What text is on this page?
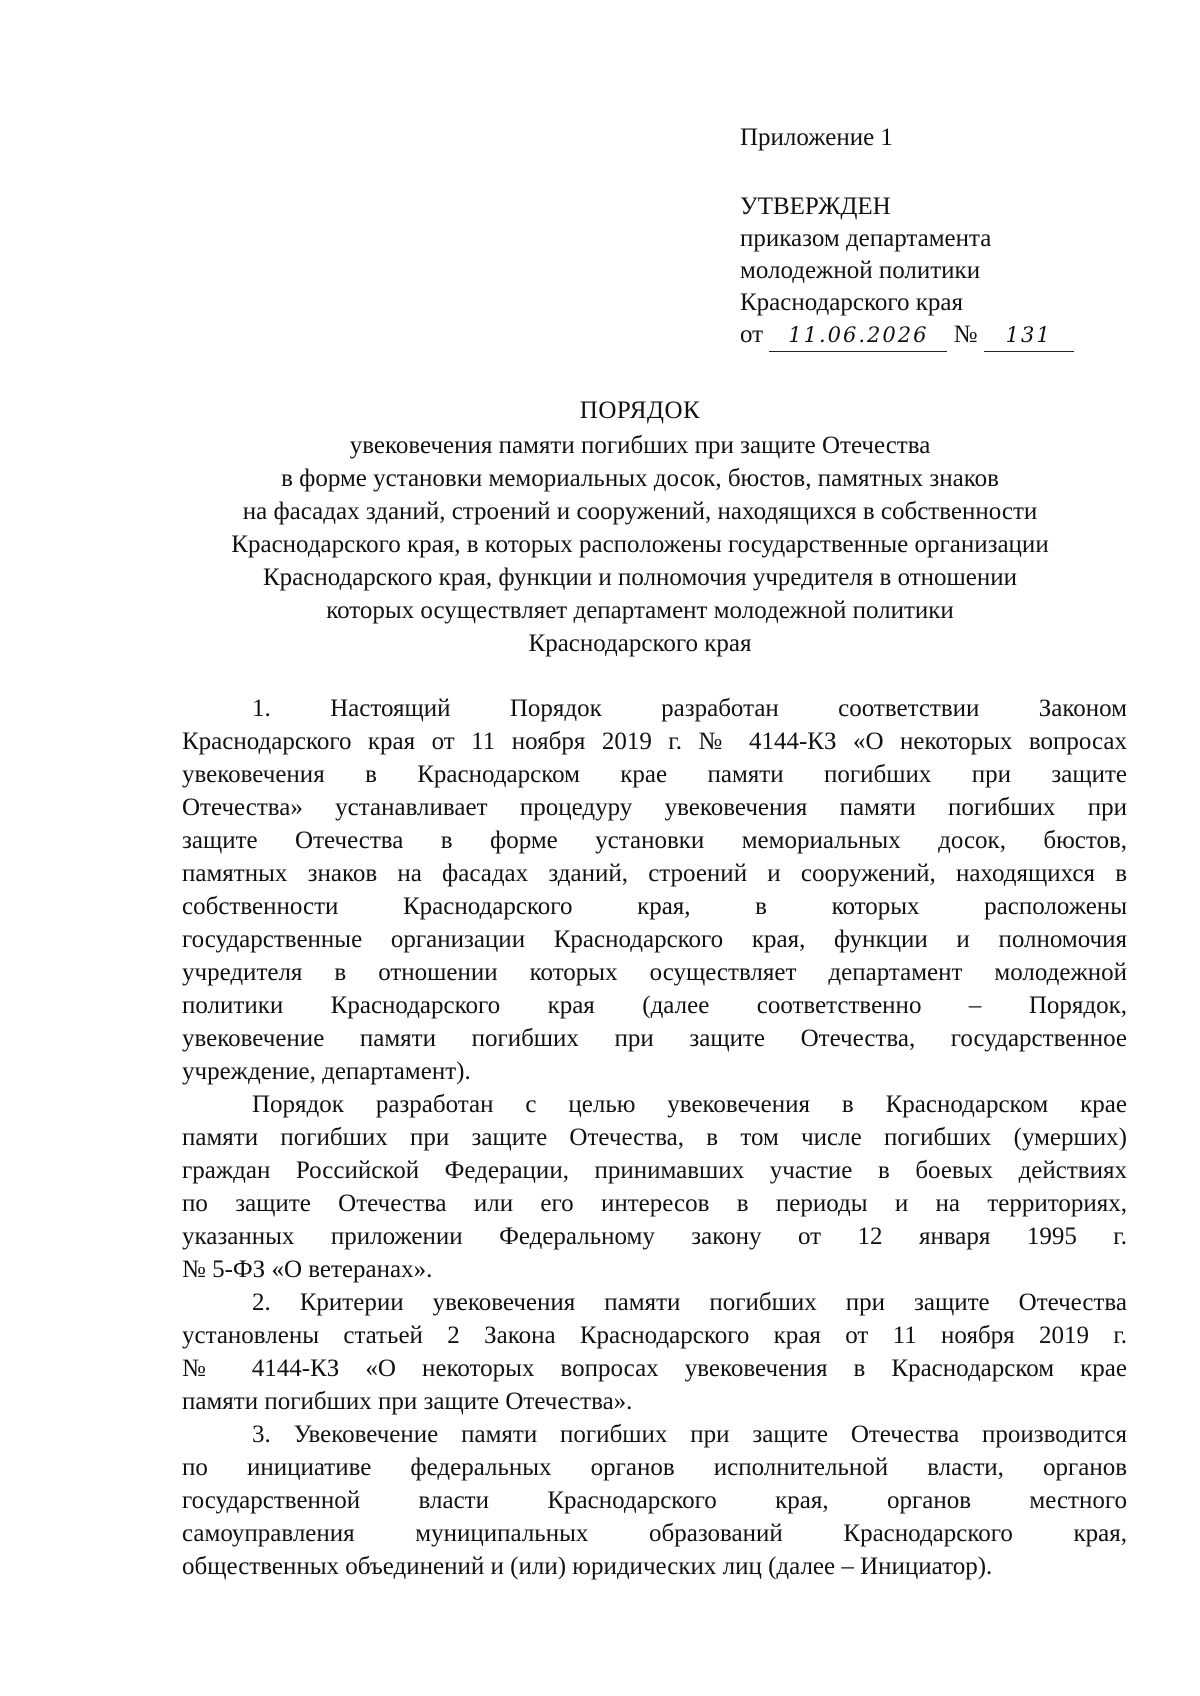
Приложение 1

УТВЕРЖДЕН

приказом департамента

молодежной политики

Краснодарского края

от 11.06.2026 № 131

ПОРЯДОК

увековечения памяти погибших при защите Отечества

в форме установки мемориальных досок, бюстов, памятных знаков

на фасадах зданий, строений и сооружений, находящихся в собственности

Краснодарского края, в которых расположены государственные организации

Краснодарского края, функции и полномочия учредителя в отношении

которых осуществляет департамент молодежной политики

Краснодарского края

1. Настоящий Порядок разработан соответствии Законом
Краснодарского края от 11 ноября 2019 г. № 4144-КЗ «О некоторых вопросах
увековечения в Краснодарском крае памяти погибших при защите
Отечества» устанавливает процедуру увековечения памяти погибших при
защите Отечества в форме установки мемориальных досок, бюстов,
памятных знаков на фасадах зданий, строений и сооружений, находящихся в
собственности Краснодарского края, в которых расположены
государственные организации Краснодарского края, функции и полномочия
учредителя в отношении которых осуществляет департамент молодежной
политики Краснодарского края (далее соответственно – Порядок,
увековечение памяти погибших при защите Отечества, государственное
учреждение, департамент).
Порядок разработан с целью увековечения в Краснодарском крае
памяти погибших при защите Отечества, в том числе погибших (умерших)
граждан Российской Федерации, принимавших участие в боевых действиях
по защите Отечества или его интересов в периоды и на территориях,
указанных приложении Федеральному закону от 12 января 1995 г.
№ 5-ФЗ «О ветеранах».
2. Критерии увековечения памяти погибших при защите Отечества
установлены статьей 2 Закона Краснодарского края от 11 ноября 2019 г.
№ 4144-КЗ «О некоторых вопросах увековечения в Краснодарском крае
памяти погибших при защите Отечества».
3. Увековечение памяти погибших при защите Отечества производится
по инициативе федеральных органов исполнительной власти, органов
государственной власти Краснодарского края, органов местного
самоуправления муниципальных образований Краснодарского края,
общественных объединений и (или) юридических лиц (далее – Инициатор).
